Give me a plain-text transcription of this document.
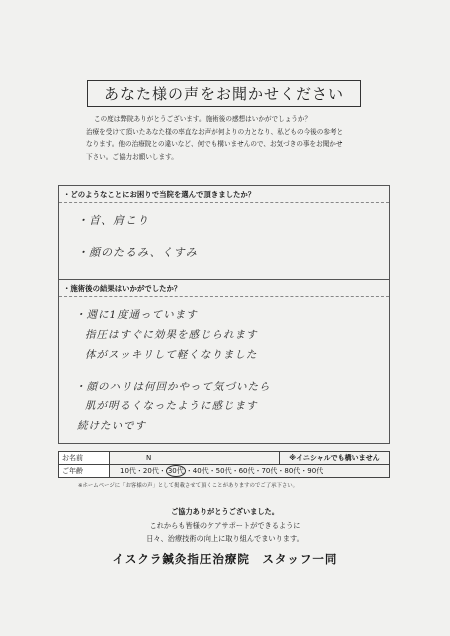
あなた様の声をお聞かせください
この度は弊院ありがとうございます。施術後の感想はいかがでしょうか？
治療を受けて頂いたあなた様の率直なお声が何よりの力となり、私どもの今後の参考と
なります。他の治療院との違いなど、何でも構いませんので、お気づきの事をお聞かせ
下さい。ご協力お願いします。
・どのようなことにお困りで当院を選んで頂きましたか？
・首、肩こり
・顔のたるみ、くすみ
・施術後の結果はいかがでしたか？
・週に1度通っています
指圧はすぐに効果を感じられます
体がスッキリして軽くなりました
・顔のハリは何回かやって気づいたら
肌が明るくなったように感じます
続けたいです
お名前	N	※イニシャルでも構いません
ご年齢	10代・20代・ 30代 ・40代・50代・60代・70代・80代・90代	
※ホームページに「お客様の声」として掲載させて頂くことがありますのでご了承下さい。
ご協力ありがとうございました。
これからも皆様のケアサポートができるように
日々、治療技術の向上に取り組んでまいります。
イスクラ鍼灸指圧治療院　スタッフ一同
